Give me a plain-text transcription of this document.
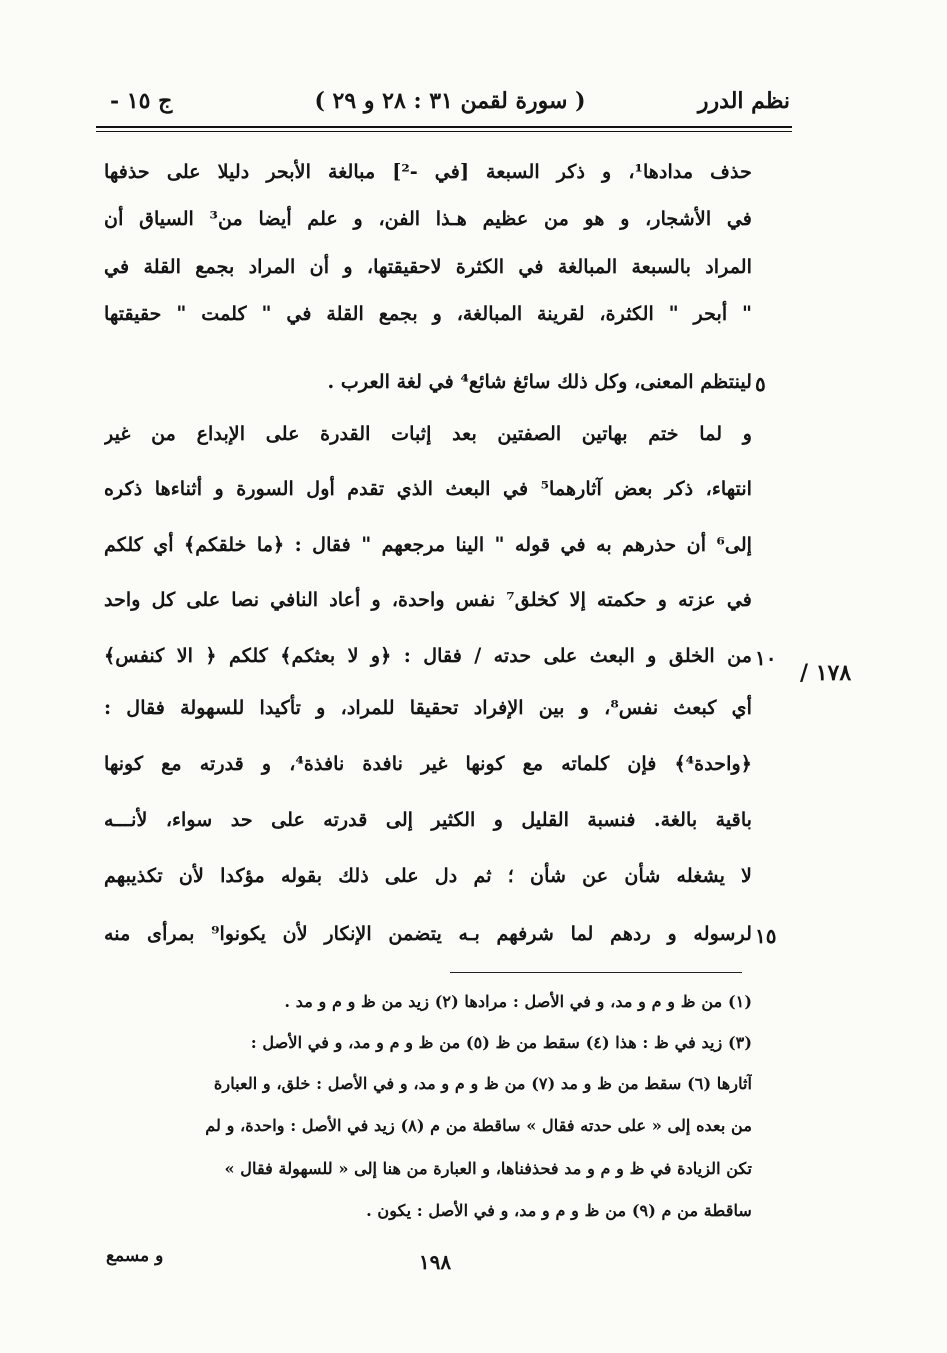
نظم الدرر
( سورة لقمن ٣١ : ٢٨ و ٢٩ )
ج ١٥ -
حذف مدادها¹، و ذكر السبعة [في -²] مبالغة الأبحر دليلا على حذفها
في الأشجار، و هو من عظيم هـذا الفن، و علم أيضا من³ السياق أن
المراد بالسبعة المبالغة في الكثرة لاحقيقتها، و أن المراد بجمع القلة في
" أبحر " الكثرة، لقرينة المبالغة، و بجمع القلة في " كلمت " حقيقتها
لينتظم المعنى، وكل ذلك سائغ شائع⁴ في لغة العرب .
و لما ختم بهاتين الصفتين بعد إثبات القدرة على الإبداع من غير
انتهاء، ذكر بعض آثارهما⁵ في البعث الذي تقدم أول السورة و أثناءها ذكره
إلى⁶ أن حذرهم به في قوله " الينا مرجعهم " فقال : ﴿ما خلقكم﴾ أي كلكم
في عزته و حكمته إلا كخلق⁷ نفس واحدة، و أعاد النافي نصا على كل واحد
من الخلق و البعث على حدته / فقال : ﴿و لا بعثكم﴾ كلكم ﴿ الا كنفس﴾
أي كبعث نفس⁸، و بين الإفراد تحقيقا للمراد، و تأكيدا للسهولة فقال :
﴿واحدة⁴﴾ فإن كلماته مع كونها غير نافدة نافذة⁴، و قدرته مع كونها
باقية بالغة. فنسبة القليل و الكثير إلى قدرته على حد سواء، لأنـــه
لا يشغله شأن عن شأن ؛ ثم دل على ذلك بقوله مؤكدا لأن تكذيبهم
لرسوله و ردهم لما شرفهم بـه يتضمن الإنكار لأن يكونوا⁹ بمرأى منه
٥
١٠
١٥
١٧٨ /
(١) من ظ و م و مد، و في الأصل : مرادها (٢) زيد من ظ و م و مد .
(٣) زيد في ظ : هذا (٤) سقط من ظ (٥) من ظ و م و مد، و في الأصل :
آثارها (٦) سقط من ظ و مد (٧) من ظ و م و مد، و في الأصل : خلق، و العبارة
من بعده إلى « على حدته فقال » ساقطة من م (٨) زيد في الأصل : واحدة، و لم
تكن الزيادة في ظ و م و مد فحذفناها، و العبارة من هنا إلى « للسهولة فقال »
ساقطة من م (٩) من ظ و م و مد، و في الأصل : يكون .
١٩٨
و مسمع
